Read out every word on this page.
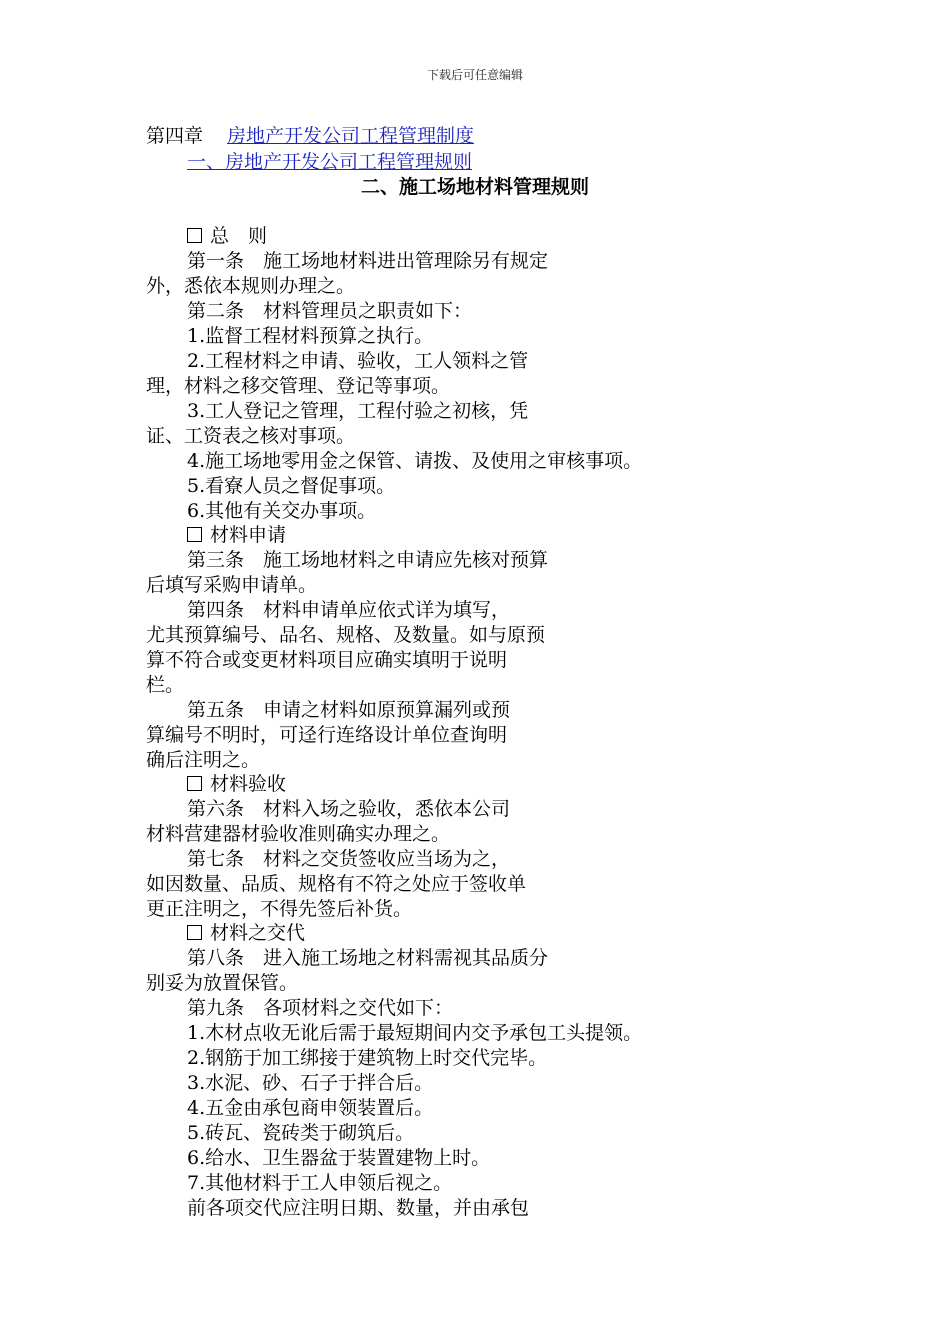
下载后可任意编辑
第四章 房地产开发公司工程管理制度
一、房地产开发公司工程管理规则
二、施工场地材料管理规则
总　则
第一条　施工场地材料进出管理除另有规定
外，悉依本规则办理之。
第二条　材料管理员之职责如下：
1.监督工程材料预算之执行。
2.工程材料之申请、验收，工人领料之管
理，材料之移交管理、登记等事项。
3.工人登记之管理，工程付验之初核，凭
证、工资表之核对事项。
4.施工场地零用金之保管、请拨、及使用之审核事项。
5.看寮人员之督促事项。
6.其他有关交办事项。
材料申请
第三条　施工场地材料之申请应先核对预算
后填写采购申请单。
第四条　材料申请单应依式详为填写，
尤其预算编号、品名、规格、及数量。如与原预
算不符合或变更材料项目应确实填明于说明
栏。
第五条　申请之材料如原预算漏列或预
算编号不明时，可迳行连络设计单位查询明
确后注明之。
材料验收
第六条　材料入场之验收，悉依本公司
材料营建器材验收准则确实办理之。
第七条　材料之交货签收应当场为之，
如因数量、品质、规格有不符之处应于签收单
更正注明之，不得先签后补货。
材料之交代
第八条　进入施工场地之材料需视其品质分
别妥为放置保管。
第九条　各项材料之交代如下：
1.木材点收无讹后需于最短期间内交予承包工头提领。
2.钢筋于加工绑接于建筑物上时交代完毕。
3.水泥、砂、石子于拌合后。
4.五金由承包商申领装置后。
5.砖瓦、瓷砖类于砌筑后。
6.给水、卫生器盆于装置建物上时。
7.其他材料于工人申领后视之。
前各项交代应注明日期、数量，并由承包
